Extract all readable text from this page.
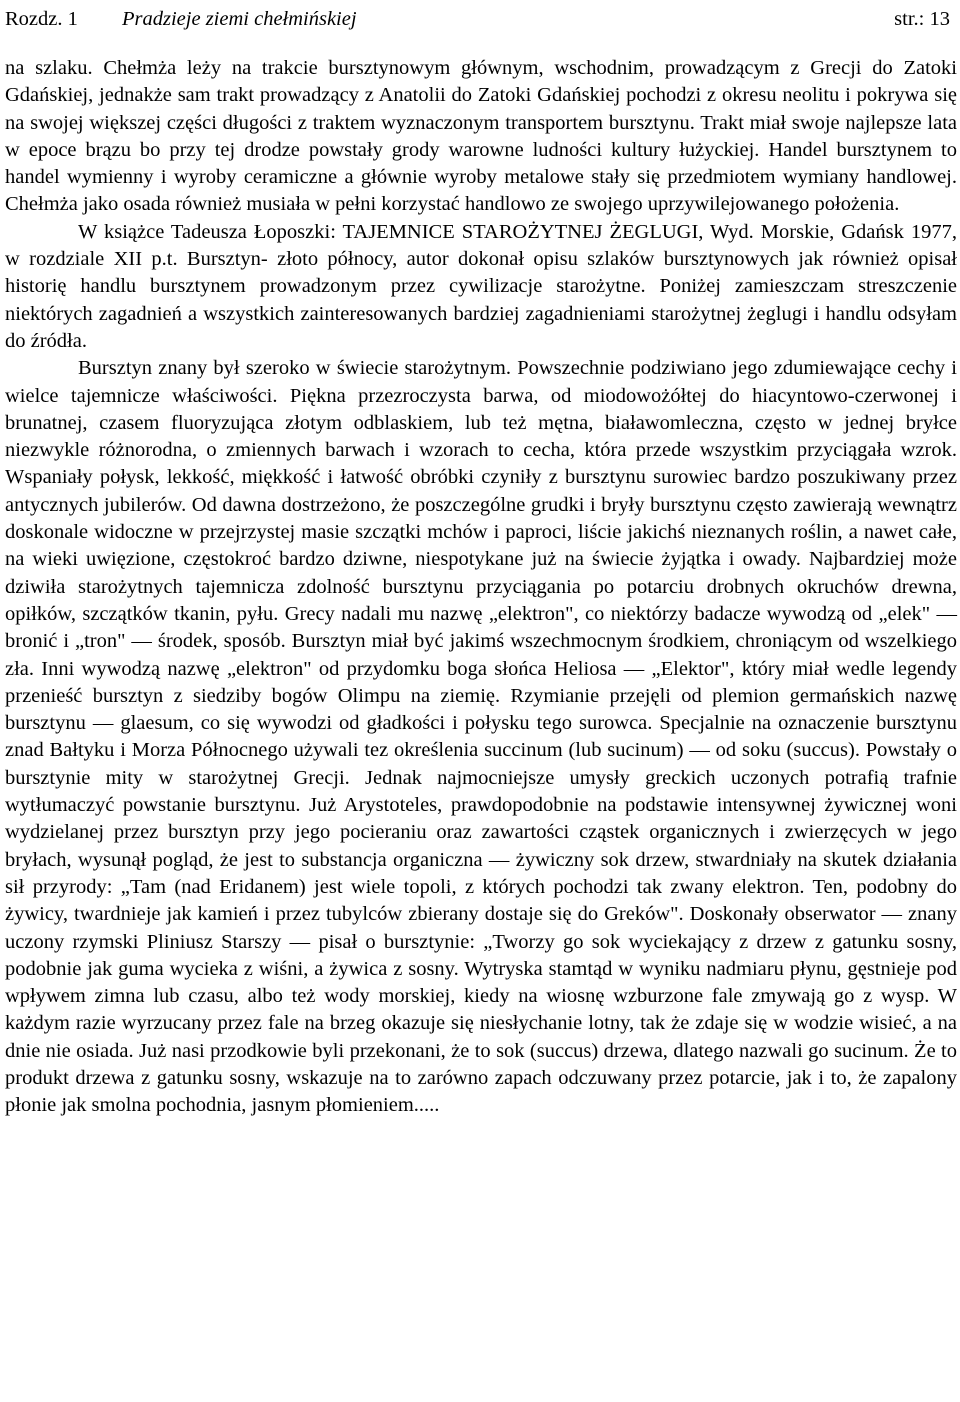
Rozdz. 1 Pradzieje ziemi chełmińskiej	str.: 13

na szlaku. Chełmża leży na trakcie bursztynowym głównym, wschodnim, prowadzącym z Grecji do Zatoki Gdańskiej, jednakże sam trakt prowadzący z Anatolii do Zatoki Gdańskiej pochodzi z okresu neolitu i pokrywa się na swojej większej części długości z traktem wyznaczonym transportem bursztynu. Trakt miał swoje najlepsze lata w epoce brązu bo przy tej drodze powstały grody warowne ludności kultury łużyckiej. Handel bursztynem to handel wymienny i wyroby ceramiczne a głównie wyroby metalowe stały się przedmiotem wymiany handlowej. Chełmża jako osada również musiała w pełni korzystać handlowo ze swojego uprzywilejowanego położenia.

W książce Tadeusza Łoposzki: TAJEMNICE STAROŻYTNEJ ŻEGLUGI, Wyd. Morskie, Gdańsk 1977, w rozdziale XII p.t. Bursztyn- złoto północy, autor dokonał opisu szlaków bursztynowych jak również opisał historię handlu bursztynem prowadzonym przez cywilizacje starożytne. Poniżej zamieszczam streszczenie niektórych zagadnień a wszystkich zainteresowanych bardziej zagadnieniami starożytnej żeglugi i handlu odsyłam do źródła.

Bursztyn znany był szeroko w świecie starożytnym. Powszechnie podziwiano jego zdumiewające cechy i wielce tajemnicze właściwości. Piękna przezroczysta barwa, od miodowożółtej do hiacyntowo-czerwonej i brunatnej, czasem fluoryzująca złotym odblaskiem, lub też mętna, białawomleczna, często w jednej bryłce niezwykle różnorodna, o zmiennych barwach i wzorach to cecha, która przede wszystkim przyciągała wzrok. Wspaniały połysk, lekkość, miękkość i łatwość obróbki czyniły z bursztynu surowiec bardzo poszukiwany przez antycznych jubilerów. Od dawna dostrzeżono, że poszczególne grudki i bryły bursztynu często zawierają wewnątrz doskonale widoczne w przejrzystej masie szczątki mchów i paproci, liście jakichś nieznanych roślin, a nawet całe, na wieki uwięzione, częstokroć bardzo dziwne, niespotykane już na świecie żyjątka i owady. Najbardziej może dziwiła starożytnych tajemnicza zdolność bursztynu przyciągania po potarciu drobnych okruchów drewna, opiłków, szczątków tkanin, pyłu. Grecy nadali mu nazwę „elektron", co niektórzy badacze wywodzą od „elek" — bronić i „tron" — środek, sposób. Bursztyn miał być jakimś wszechmocnym środkiem, chroniącym od wszelkiego zła. Inni wywodzą nazwę „elektron" od przydomku boga słońca Heliosa — „Elektor", który miał wedle legendy przenieść bursztyn z siedziby bogów Olimpu na ziemię. Rzymianie przejęli od plemion germańskich nazwę bursztynu — glaesum, co się wywodzi od gładkości i połysku tego surowca. Specjalnie na oznaczenie bursztynu znad Bałtyku i Morza Północnego używali tez określenia succinum (lub sucinum) — od soku (succus). Powstały o bursztynie mity w starożytnej Grecji. Jednak najmocniejsze umysły greckich uczonych potrafią trafnie wytłumaczyć powstanie bursztynu. Już Arystoteles, prawdopodobnie na podstawie intensywnej żywicznej woni wydzielanej przez bursztyn przy jego pocieraniu oraz zawartości cząstek organicznych i zwierzęcych w jego bryłach, wysunął pogląd, że jest to substancja organiczna — żywiczny sok drzew, stwardniały na skutek działania sił przyrody: „Tam (nad Eridanem) jest wiele topoli, z których pochodzi tak zwany elektron. Ten, podobny do żywicy, twardnieje jak kamień i przez tubylców zbierany dostaje się do Greków". Doskonały obserwator — znany uczony rzymski Pliniusz Starszy — pisał o bursztynie: „Tworzy go sok wyciekający z drzew z gatunku sosny, podobnie jak guma wycieka z wiśni, a żywica z sosny. Wytryska stamtąd w wyniku nadmiaru płynu, gęstnieje pod wpływem zimna lub czasu, albo też wody morskiej, kiedy na wiosnę wzburzone fale zmywają go z wysp. W każdym razie wyrzucany przez fale na brzeg okazuje się niesłychanie lotny, tak że zdaje się w wodzie wisieć, a na dnie nie osiada. Już nasi przodkowie byli przekonani, że to sok (succus) drzewa, dlatego nazwali go sucinum. Że to produkt drzewa z gatunku sosny, wskazuje na to zarówno zapach odczuwany przez potarcie, jak i to, że zapalony płonie jak smolna pochodnia, jasnym płomieniem.....
